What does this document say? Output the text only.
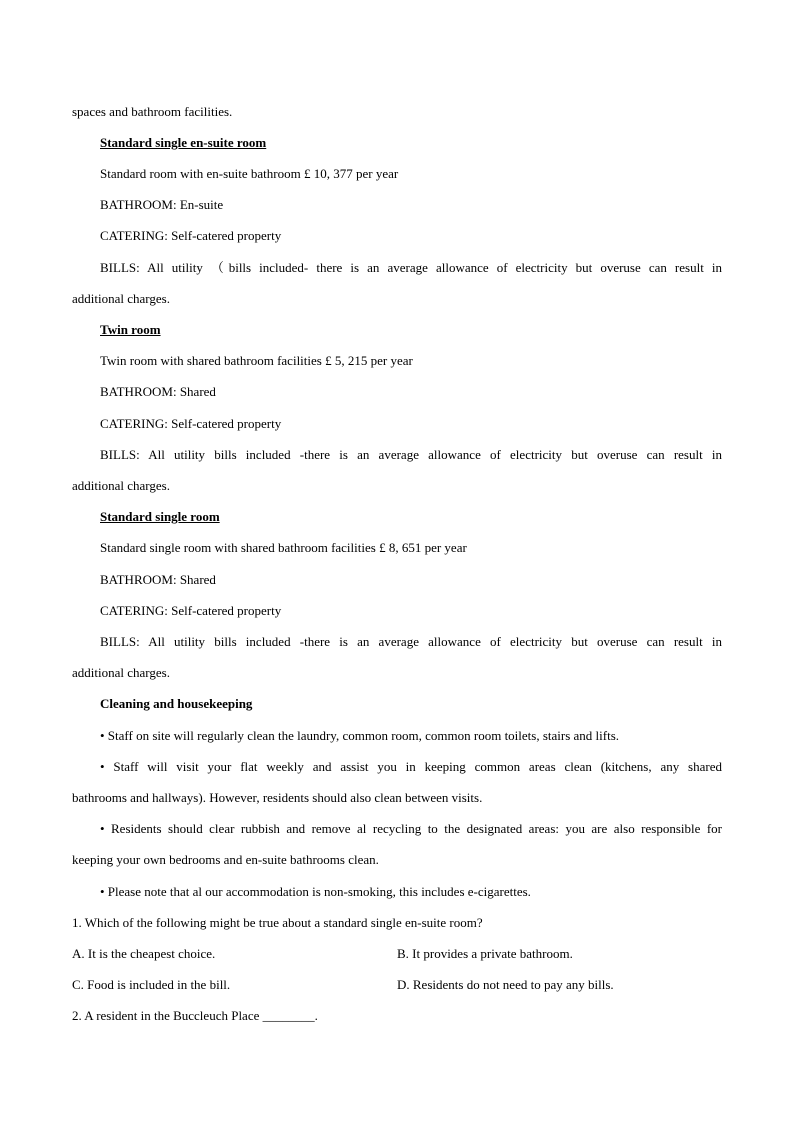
spaces and bathroom facilities.
Standard single en-suite room
Standard room with en-suite bathroom £ 10, 377 per year
BATHROOM: En-suite
CATERING: Self-catered property
BILLS: All utility （bills included- there is an average allowance of electricity but overuse can result in
additional charges.
Twin room
Twin room with shared bathroom facilities £ 5, 215 per year
BATHROOM: Shared
CATERING: Self-catered property
BILLS: All utility bills included -there is an average allowance of electricity but overuse can result in
additional charges.
Standard single room
Standard single room with shared bathroom facilities £ 8, 651 per year
BATHROOM: Shared
CATERING: Self-catered property
BILLS: All utility bills included -there is an average allowance of electricity but overuse can result in
additional charges.
Cleaning and housekeeping
• Staff on site will regularly clean the laundry, common room, common room toilets, stairs and lifts.
• Staff will visit your flat weekly and assist you in keeping common areas clean (kitchens, any shared
bathrooms and hallways). However, residents should also clean between visits.
• Residents should clear rubbish and remove al recycling to the designated areas: you are also responsible for
keeping your own bedrooms and en-suite bathrooms clean.
• Please note that al our accommodation is non-smoking, this includes e-cigarettes.
1. Which of the following might be true about a standard single en-suite room?
A. It is the cheapest choice.	B. It provides a private bathroom.
C. Food is included in the bill.	D. Residents do not need to pay any bills.
2. A resident in the Buccleuch Place ________.
